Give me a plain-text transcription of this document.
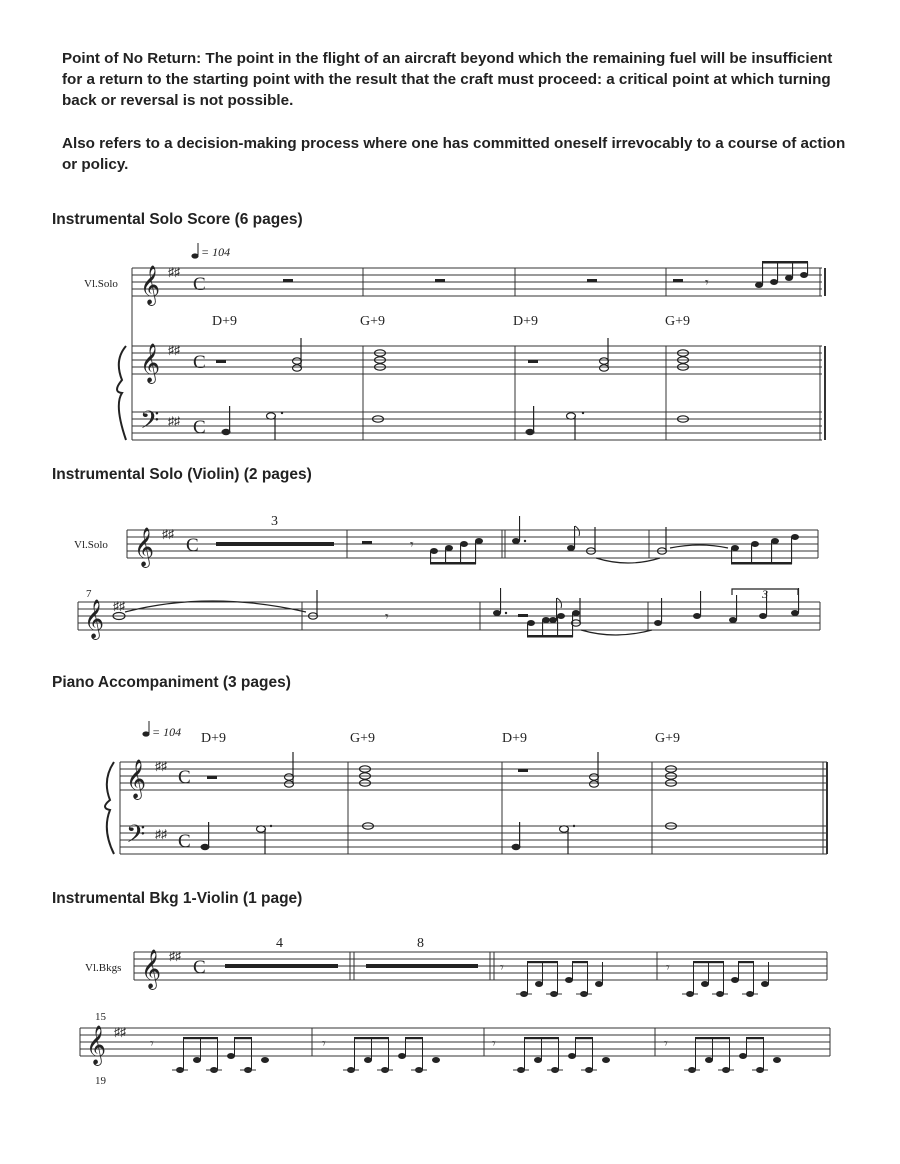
Point of No Return: The point in the flight of an aircraft beyond which the remaining fuel will be insufficient for a return to the starting point with the result that the craft must proceed: a critical point at which turning back or reversal is not possible.

Also refers to a decision-making process where one has committed oneself irrevocably to a course of action or policy.

Instrumental Solo Score (6 pages)
Instrumental Solo (Violin) (2 pages)
Piano Accompaniment (3 pages)
Instrumental Bkg 1-Violin (1 page)
= 104
Vl.Solo 𝄞
𝄞
𝄢
♯♯
♯♯
♯♯
C
C
C
𝄾
D+9	G+9	D+9	G+9
Vl.Solo 𝄞
𝄞
♯♯
♯♯
C
3
7
𝄾
𝄾
3
= 104
𝄞
𝄢
♯♯
♯♯
C
C
D+9	G+9	D+9	G+9
Vl.Bkgs 𝄞
𝄞
♯♯
♯♯
C
4	8
15
19
𝄾	𝄾
𝄾	𝄾	𝄾	𝄾
